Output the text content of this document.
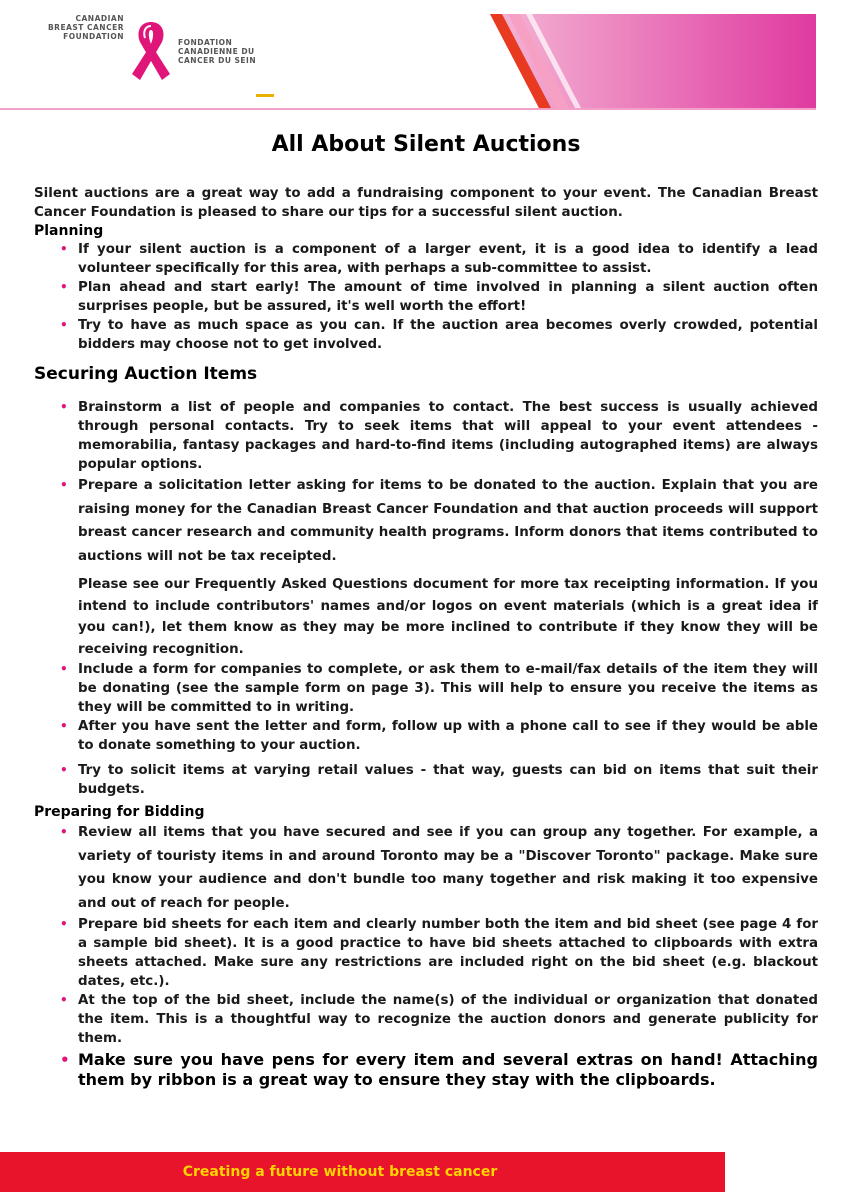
CANADIAN
BREAST CANCER
FOUNDATION
FONDATION
CANADIENNE DU
CANCER DU SEIN
All About Silent Auctions

Silent auctions are a great way to add a fundraising component to your event. The Canadian Breast Cancer Foundation is pleased to share our tips for a successful silent auction.

Planning
• If your silent auction is a component of a larger event, it is a good idea to identify a lead volunteer specifically for this area, with perhaps a sub-committee to assist.
• Plan ahead and start early! The amount of time involved in planning a silent auction often surprises people, but be assured, it's well worth the effort!
• Try to have as much space as you can. If the auction area becomes overly crowded, potential bidders may choose not to get involved.
Securing Auction Items
• Brainstorm a list of people and companies to contact. The best success is usually achieved through personal contacts. Try to seek items that will appeal to your event attendees - memorabilia, fantasy packages and hard-to-find items (including autographed items) are always popular options.
• Prepare a solicitation letter asking for items to be donated to the auction. Explain that you are raising money for the Canadian Breast Cancer Foundation and that auction proceeds will support breast cancer research and community health programs. Inform donors that items contributed to auctions will not be tax receipted.

Please see our Frequently Asked Questions document for more tax receipting information. If you intend to include contributors' names and/or logos on event materials (which is a great idea if you can!), let them know as they may be more inclined to contribute if they know they will be receiving recognition.

• Include a form for companies to complete, or ask them to e-mail/fax details of the item they will be donating (see the sample form on page 3). This will help to ensure you receive the items as they will be committed to in writing.
• After you have sent the letter and form, follow up with a phone call to see if they would be able to donate something to your auction.
• Try to solicit items at varying retail values - that way, guests can bid on items that suit their budgets.
Preparing for Bidding
• Review all items that you have secured and see if you can group any together. For example, a variety of touristy items in and around Toronto may be a "Discover Toronto" package. Make sure you know your audience and don't bundle too many together and risk making it too expensive and out of reach for people.
• Prepare bid sheets for each item and clearly number both the item and bid sheet (see page 4 for a sample bid sheet). It is a good practice to have bid sheets attached to clipboards with extra sheets attached. Make sure any restrictions are included right on the bid sheet (e.g. blackout dates, etc.).
• At the top of the bid sheet, include the name(s) of the individual or organization that donated the item. This is a thoughtful way to recognize the auction donors and generate publicity for them.
• Make sure you have pens for every item and several extras on hand! Attaching them by ribbon is a great way to ensure they stay with the clipboards.
Creating a future without breast cancer
